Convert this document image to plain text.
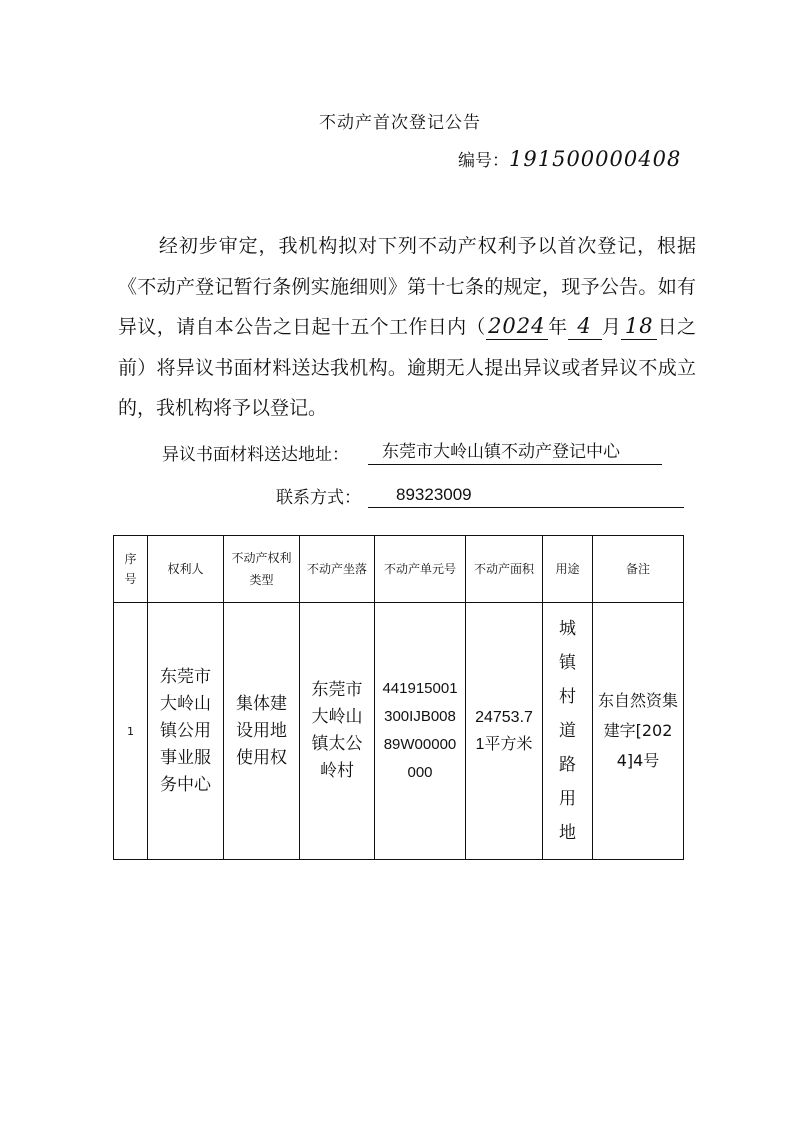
不动产首次登记公告
编号：191500000408
经初步审定，我机构拟对下列不动产权利予以首次登记，根据《不动产登记暂行条例实施细则》第十七条的规定，现予公告。如有异议，请自本公告之日起十五个工作日内（ 2024 年 4 月 18 日之前）将异议书面材料送达我机构。逾期无人提出异议或者异议不成立的，我机构将予以登记。
异议书面材料送达地址：	东莞市大岭山镇不动产登记中心
联系方式：	89323009
序号	权利人	不动产权利类型	不动产坐落	不动产单元号	不动产面积	用途	备注
1	东莞市大岭山镇公用事业服务中心	集体建设用地使用权	东莞市大岭山镇太公岭村	441915001300IJB00889W00000000	24753.71平方米	城镇村道路用地	东自然资集建字[2024]4号
